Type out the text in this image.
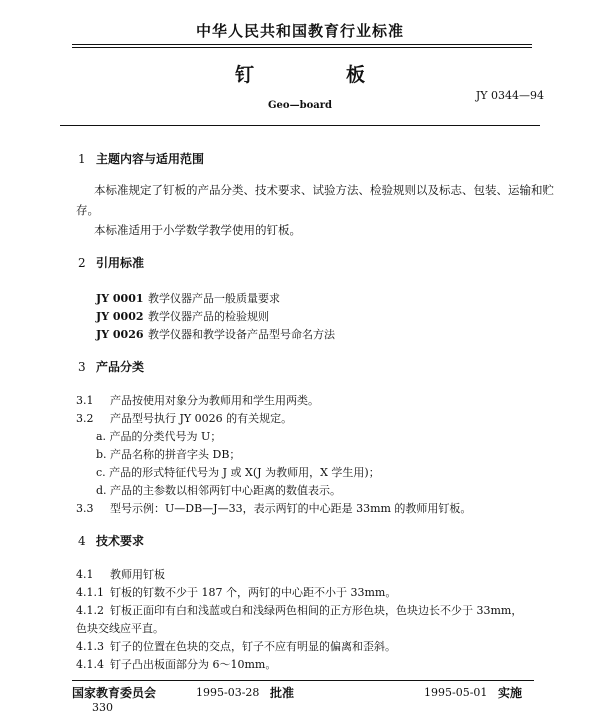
中华人民共和国教育行业标准
钉	板
JY 0344—94
Geo—board
1 主题内容与适用范围
本标准规定了钉板的产品分类、技术要求、试验方法、检验规则以及标志、包装、运输和贮
存。
本标准适用于小学数学教学使用的钉板。
2 引用标准
JY 0001 教学仪器产品一般质量要求
JY 0002 教学仪器产品的检验规则
JY 0026 教学仪器和教学设备产品型号命名方法
3 产品分类
3.1 产品按使用对象分为教师用和学生用两类。
3.2 产品型号执行 JY 0026 的有关规定。
a. 产品的分类代号为 U；
b. 产品名称的拼音字头 DB；
c. 产品的形式特征代号为 J 或 X(J 为教师用，X 学生用)；
d. 产品的主参数以相邻两钉中心距离的数值表示。
3.3 型号示例：U—DB—J—33，表示两钉的中心距是 33mm 的教师用钉板。
4 技术要求
4.1 教师用钉板
4.1.1 钉板的钉数不少于 187 个，两钉的中心距不小于 33mm。
4.1.2 钉板正面印有白和浅蓝或白和浅绿两色相间的正方形色块，色块边长不少于 33mm，
色块交线应平直。
4.1.3 钉子的位置在色块的交点，钉子不应有明显的偏离和歪斜。
4.1.4 钉子凸出板面部分为 6～10mm。
国家教育委员会	1995-03-28 批准	1995-05-01 实施
330
